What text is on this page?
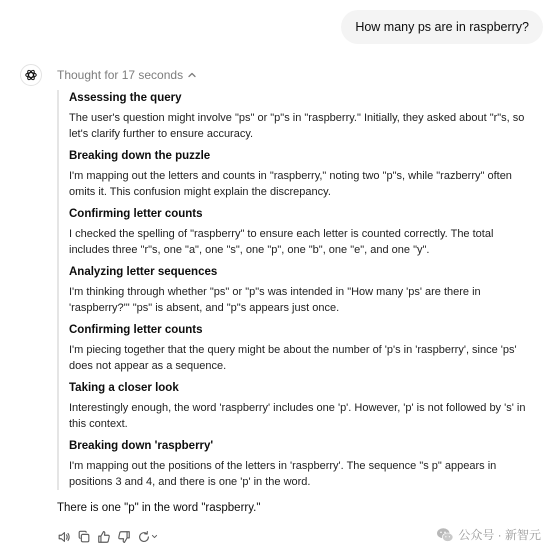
How many ps are in raspberry?
Thought for 17 seconds
Assessing the query
The user's question might involve "ps" or "p"s in "raspberry." Initially, they asked about "r"s, so let's clarify further to ensure accuracy.
Breaking down the puzzle
I'm mapping out the letters and counts in "raspberry," noting two "p"s, while "razberry" often omits it. This confusion might explain the discrepancy.
Confirming letter counts
I checked the spelling of "raspberry" to ensure each letter is counted correctly. The total includes three "r"s, one "a", one "s", one "p", one "b", one "e", and one "y".
Analyzing letter sequences
I'm thinking through whether "ps" or "p"s was intended in "How many 'ps' are there in 'raspberry?'" "ps" is absent, and "p"s appears just once.
Confirming letter counts
I'm piecing together that the query might be about the number of 'p's in 'raspberry', since 'ps' does not appear as a sequence.
Taking a closer look
Interestingly enough, the word 'raspberry' includes one 'p'. However, 'p' is not followed by 's' in this context.
Breaking down 'raspberry'
I'm mapping out the positions of the letters in 'raspberry'. The sequence "s p" appears in positions 3 and 4, and there is one 'p' in the word.
There is one "p" in the word "raspberry."
公众号 · 新智元
